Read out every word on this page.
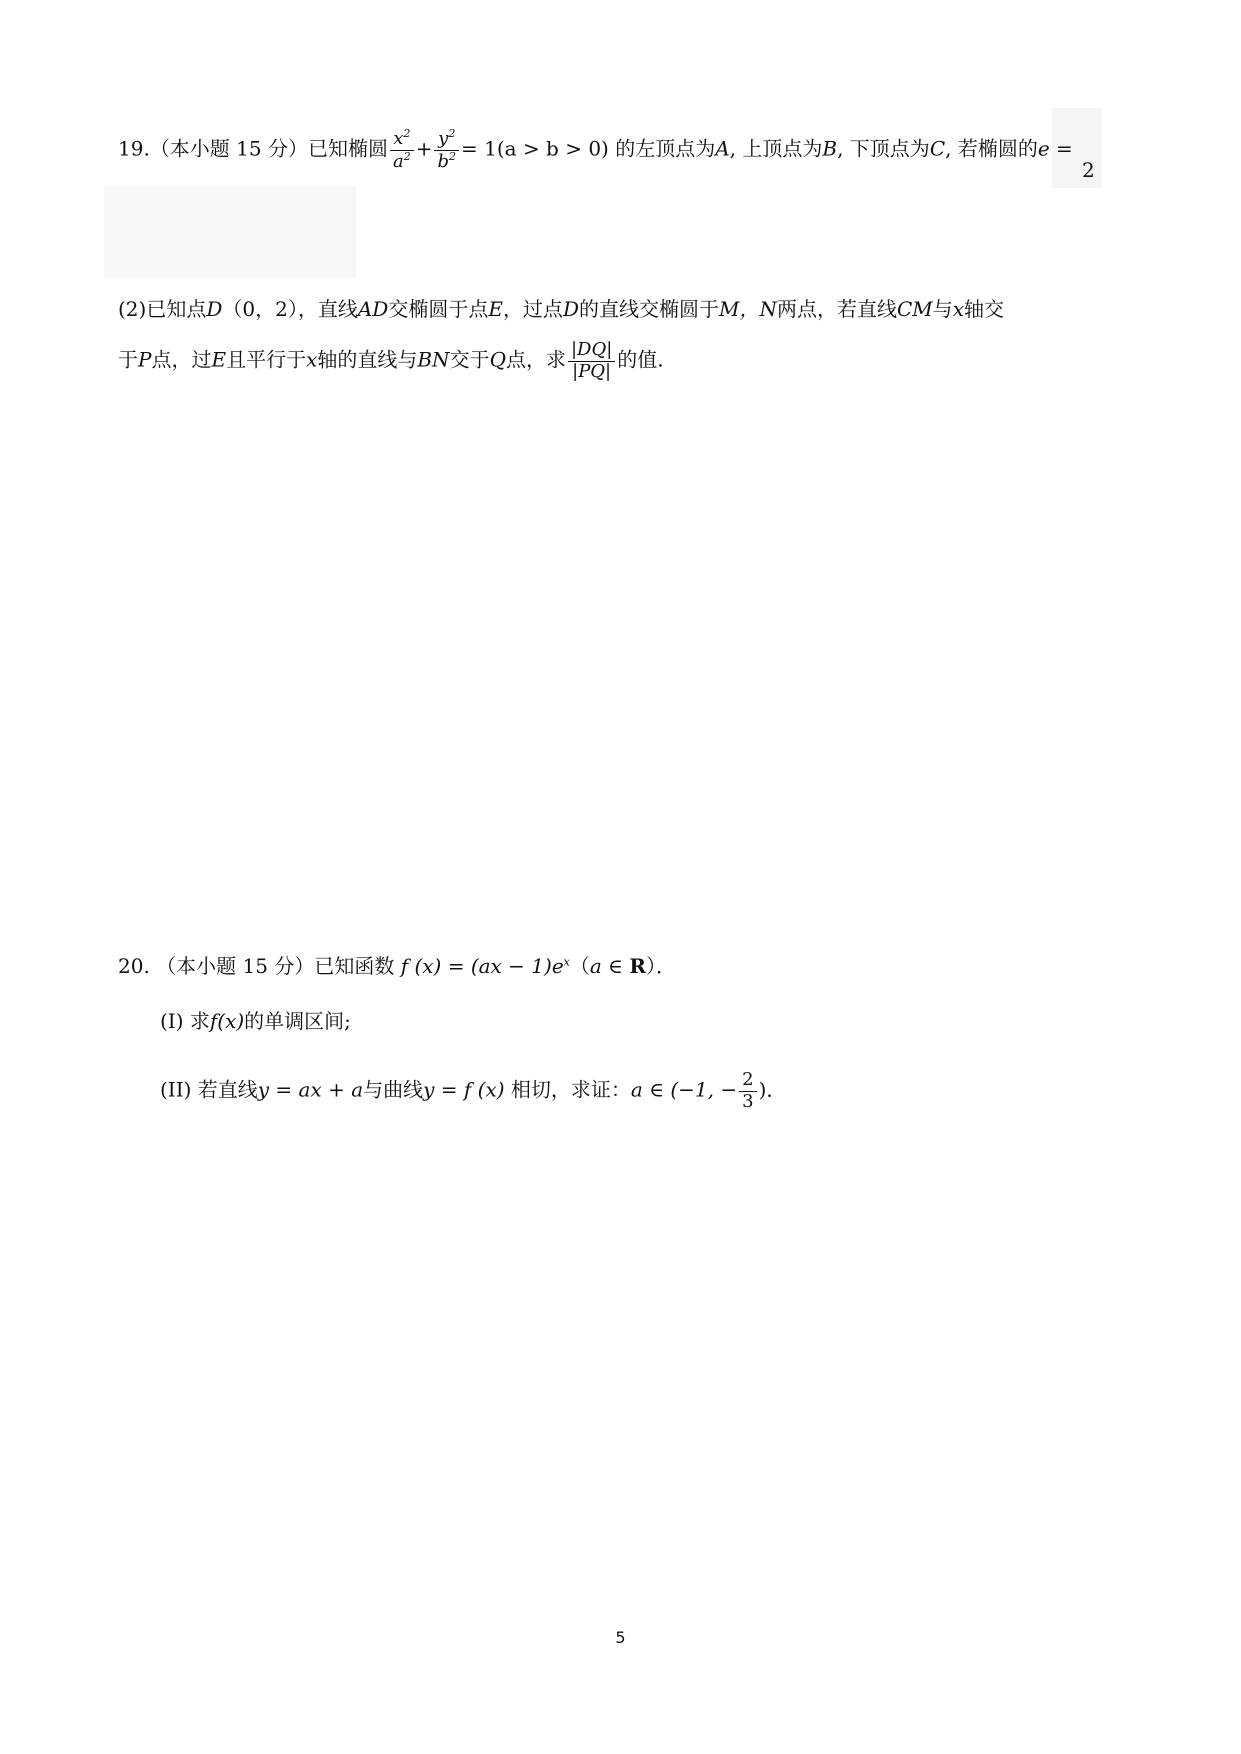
19.（本小题 15 分）已知椭圆 $\frac{x^2}{a^2} + \frac{y^2}{b^2} = 1(a > b > 0)$ 的左顶点为A, 上顶点为B, 下顶点为C, 若椭圆的e =
2
(2)已知点D（0，2），直线AD交椭圆于点E，过点D的直线交椭圆于M，N两点，若直线CM与x轴交
于P点，过E且平行于x轴的直线与BN交于Q点，求 $\frac{|DQ|}{|PQ|}$ 的值.
20. （本小题 15 分）已知函数 f $(x) = (ax - 1)e^x(a$ ∈ R）．
(I) 求f(x)的单调区间;
(II) 若直线y = ax + a与曲线y = f (x) 相切，求证：a ∈ (−1, − $\frac{2}{3}$ )．
5
